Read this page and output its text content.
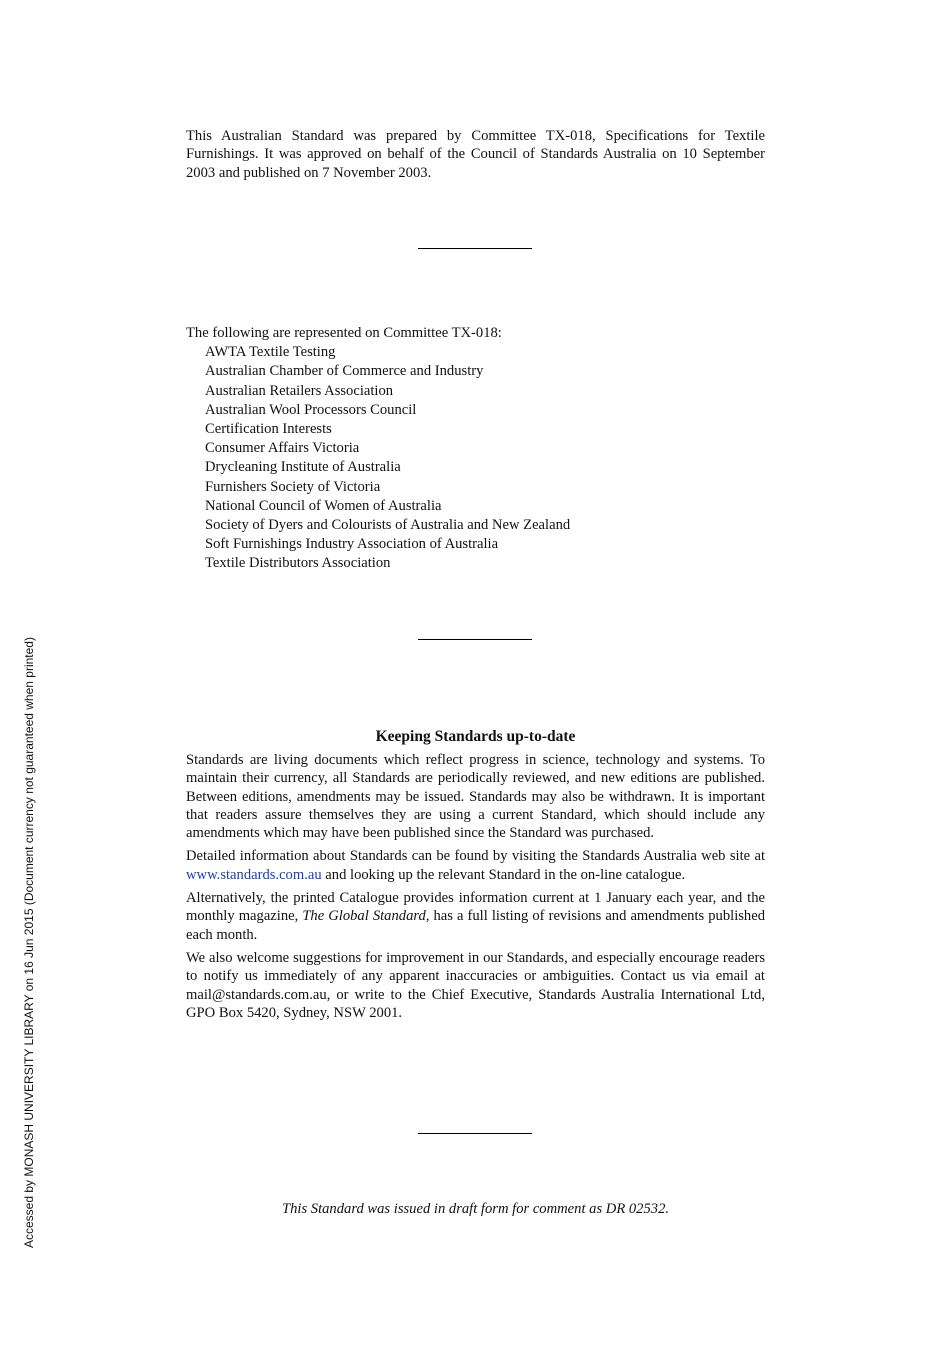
Accessed by MONASH UNIVERSITY LIBRARY on 16 Jun 2015 (Document currency not guaranteed when printed)

This Australian Standard was prepared by Committee TX-018, Specifications for Textile Furnishings. It was approved on behalf of the Council of Standards Australia on 10 September 2003 and published on 7 November 2003.

The following are represented on Committee TX-018:

AWTA Textile Testing
Australian Chamber of Commerce and Industry
Australian Retailers Association
Australian Wool Processors Council
Certification Interests
Consumer Affairs Victoria
Drycleaning Institute of Australia
Furnishers Society of Victoria
National Council of Women of Australia
Society of Dyers and Colourists of Australia and New Zealand
Soft Furnishings Industry Association of Australia
Textile Distributors Association
Keeping Standards up-to-date

Standards are living documents which reflect progress in science, technology and systems. To maintain their currency, all Standards are periodically reviewed, and new editions are published. Between editions, amendments may be issued. Standards may also be withdrawn. It is important that readers assure themselves they are using a current Standard, which should include any amendments which may have been published since the Standard was purchased.

Detailed information about Standards can be found by visiting the Standards Australia web site at www.standards.com.au and looking up the relevant Standard in the on-line catalogue.

Alternatively, the printed Catalogue provides information current at 1 January each year, and the monthly magazine, The Global Standard, has a full listing of revisions and amendments published each month.

We also welcome suggestions for improvement in our Standards, and especially encourage readers to notify us immediately of any apparent inaccuracies or ambiguities. Contact us via email at mail@standards.com.au, or write to the Chief Executive, Standards Australia International Ltd, GPO Box 5420, Sydney, NSW 2001.

This Standard was issued in draft form for comment as DR 02532.
